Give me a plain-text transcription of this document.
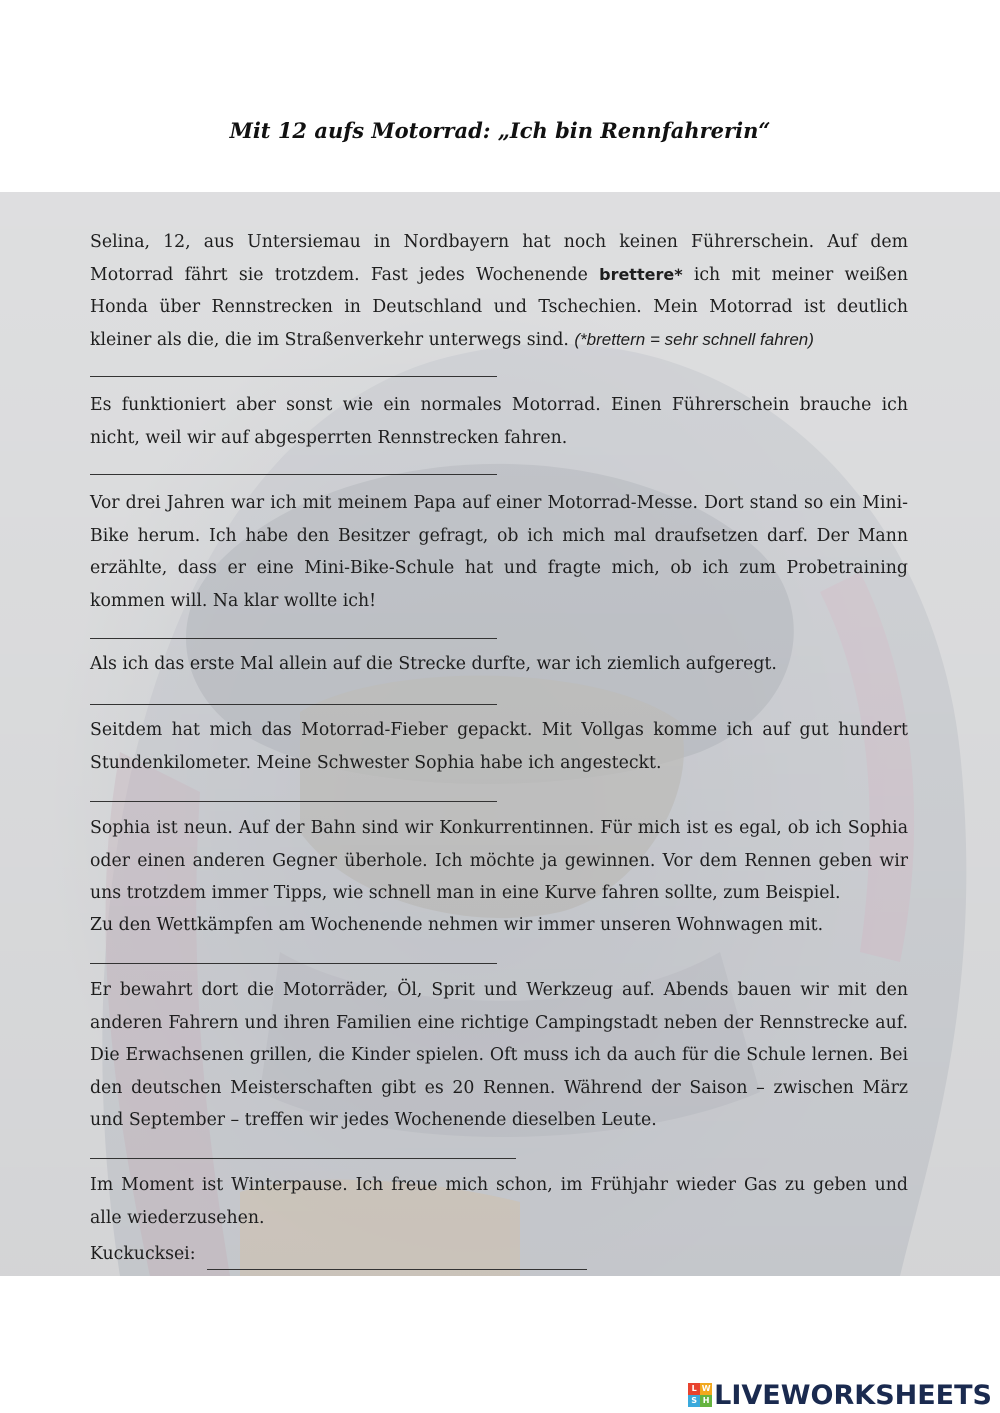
Mit 12 aufs Motorrad: „Ich bin Rennfahrerin“
Selina, 12, aus Untersiemau in Nordbayern hat noch keinen Führerschein. Auf dem Motorrad fährt sie trotzdem. Fast jedes Wochenende brettere* ich mit meiner weißen Honda über Rennstrecken in Deutschland und Tschechien. Mein Motorrad ist deutlich kleiner als die, die im Straßenverkehr unterwegs sind. (*brettern = sehr schnell fahren)
Es funktioniert aber sonst wie ein normales Motorrad. Einen Führerschein brauche ich nicht, weil wir auf abgesperrten Rennstrecken fahren.
Vor drei Jahren war ich mit meinem Papa auf einer Motorrad-Messe. Dort stand so ein Mini- Bike herum. Ich habe den Besitzer gefragt, ob ich mich mal draufsetzen darf. Der Mann erzählte, dass er eine Mini-Bike-Schule hat und fragte mich, ob ich zum Probetraining kommen will. Na klar wollte ich!
Als ich das erste Mal allein auf die Strecke durfte, war ich ziemlich aufgeregt.
Seitdem hat mich das Motorrad-Fieber gepackt. Mit Vollgas komme ich auf gut hundert Stundenkilometer. Meine Schwester Sophia habe ich angesteckt.
Sophia ist neun. Auf der Bahn sind wir Konkurrentinnen. Für mich ist es egal, ob ich Sophia oder einen anderen Gegner überhole. Ich möchte ja gewinnen. Vor dem Rennen geben wir uns trotzdem immer Tipps, wie schnell man in eine Kurve fahren sollte, zum Beispiel.
Zu den Wettkämpfen am Wochenende nehmen wir immer unseren Wohnwagen mit.
Er bewahrt dort die Motorräder, Öl, Sprit und Werkzeug auf. Abends bauen wir mit den anderen Fahrern und ihren Familien eine richtige Campingstadt neben der Rennstrecke auf. Die Erwachsenen grillen, die Kinder spielen. Oft muss ich da auch für die Schule lernen. Bei den deutschen Meisterschaften gibt es 20 Rennen. Während der Saison – zwischen März und September – treffen wir jedes Wochenende dieselben Leute.
Im Moment ist Winterpause. Ich freue mich schon, im Frühjahr wieder Gas zu geben und alle wiederzusehen.
Kuckucksei:
L W
S H LIVEWORKSHEETS
